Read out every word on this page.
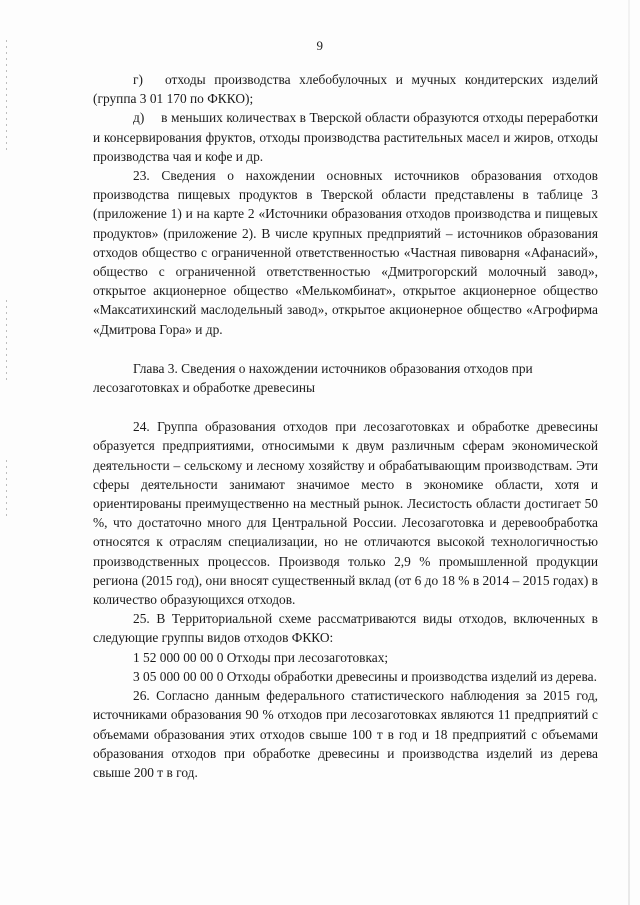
9

г)  отходы производства хлебобулочных и мучных кондитерских изделий (группа 3 01 170 по ФККО);

д)  в меньших количествах в Тверской области образуются отходы переработки и консервирования фруктов, отходы производства растительных масел и жиров, отходы производства чая и кофе и др.

23. Сведения о нахождении основных источников образования отходов производства пищевых продуктов в Тверской области представлены в таблице 3 (приложение 1) и на карте 2 «Источники образования отходов производства и пищевых продуктов» (приложение 2). В числе крупных предприятий – источников образования отходов общество с ограниченной ответственностью «Частная пивоварня «Афанасий», общество с ограниченной ответственностью «Дмитрогорский молочный завод», открытое акционерное общество «Мелькомбинат», открытое акционерное общество «Максатихинский маслодельный завод», открытое акционерное общество «Агрофирма «Дмитрова Гора» и др.

Глава 3. Сведения о нахождении источников образования отходов при лесозаготовках и обработке древесины

24. Группа образования отходов при лесозаготовках и обработке древесины образуется предприятиями, относимыми к двум различным сферам экономической деятельности – сельскому и лесному хозяйству и обрабатывающим производствам. Эти сферы деятельности занимают значимое место в экономике области, хотя и ориентированы преимущественно на местный рынок. Лесистость области достигает 50 %, что достаточно много для Центральной России. Лесозаготовка и деревообработка относятся к отраслям специализации, но не отличаются высокой технологичностью производственных процессов. Производя только 2,9 % промышленной продукции региона (2015 год), они вносят существенный вклад (от 6 до 18 % в 2014 – 2015 годах) в количество образующихся отходов.

25. В Территориальной схеме рассматриваются виды отходов, включенных в следующие группы видов отходов ФККО:

1 52 000 00 00 0 Отходы при лесозаготовках;

3 05 000 00 00 0 Отходы обработки древесины и производства изделий из дерева.

26. Согласно данным федерального статистического наблюдения за 2015 год, источниками образования 90 % отходов при лесозаготовках являются 11 предприятий с объемами образования этих отходов свыше 100 т в год и 18 предприятий с объемами образования отходов при обработке древесины и производства изделий из дерева свыше 200 т в год.
